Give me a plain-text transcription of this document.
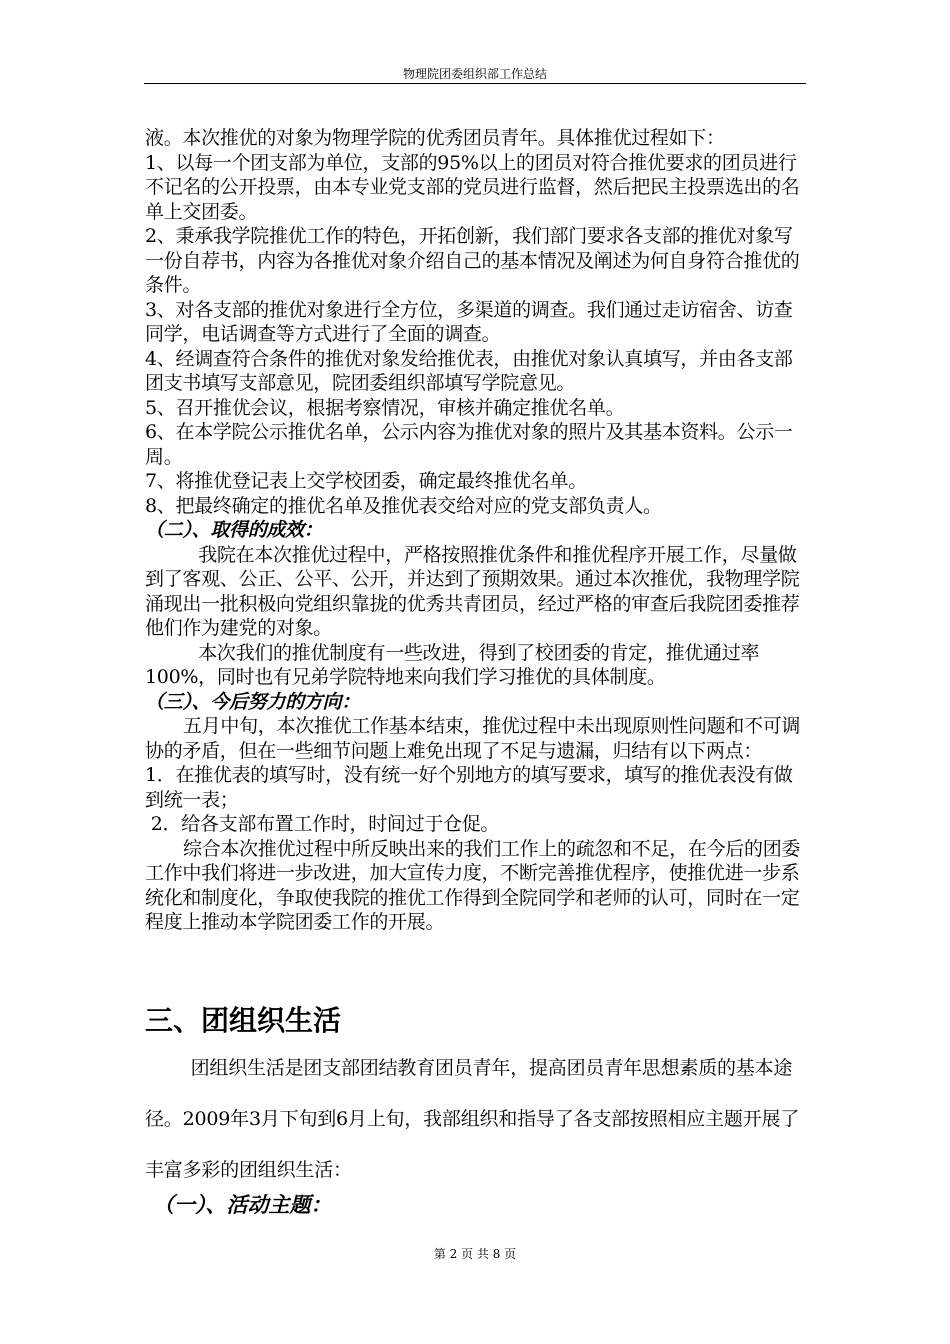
物理院团委组织部工作总结

液。本次推优的对象为物理学院的优秀团员青年。具体推优过程如下：

1、以每一个团支部为单位，支部的95%以上的团员对符合推优要求的团员进行不记名的公开投票，由本专业党支部的党员进行监督，然后把民主投票选出的名单上交团委。

2、秉承我学院推优工作的特色，开拓创新，我们部门要求各支部的推优对象写一份自荐书，内容为各推优对象介绍自己的基本情况及阐述为何自身符合推优的条件。

3、对各支部的推优对象进行全方位，多渠道的调查。我们通过走访宿舍、访查同学，电话调查等方式进行了全面的调查。

4、经调查符合条件的推优对象发给推优表，由推优对象认真填写，并由各支部团支书填写支部意见，院团委组织部填写学院意见。

5、召开推优会议，根据考察情况，审核并确定推优名单。

6、在本学院公示推优名单，公示内容为推优对象的照片及其基本资料。公示一周。

7、将推优登记表上交学校团委，确定最终推优名单。

8、把最终确定的推优名单及推优表交给对应的党支部负责人。

（二）、取得的成效：

我院在本次推优过程中，严格按照推优条件和推优程序开展工作，尽量做到了客观、公正、公平、公开，并达到了预期效果。通过本次推优，我物理学院涌现出一批积极向党组织靠拢的优秀共青团员，经过严格的审查后我院团委推荐他们作为建党的对象。

本次我们的推优制度有一些改进，得到了校团委的肯定，推优通过率100%，同时也有兄弟学院特地来向我们学习推优的具体制度。

（三）、今后努力的方向：

五月中旬，本次推优工作基本结束，推优过程中未出现原则性问题和不可调协的矛盾，但在一些细节问题上难免出现了不足与遗漏，归结有以下两点：

1．在推优表的填写时，没有统一好个别地方的填写要求，填写的推优表没有做到统一表；

2．给各支部布置工作时，时间过于仓促。

综合本次推优过程中所反映出来的我们工作上的疏忽和不足，在今后的团委工作中我们将进一步改进，加大宣传力度，不断完善推优程序，使推优进一步系统化和制度化，争取使我院的推优工作得到全院同学和老师的认可，同时在一定程度上推动本学院团委工作的开展。

三、团组织生活

团组织生活是团支部团结教育团员青年，提高团员青年思想素质的基本途径。2009年3月下旬到6月上旬，我部组织和指导了各支部按照相应主题开展了丰富多彩的团组织生活：

（一）、活动主题：
第 2 页 共 8 页
